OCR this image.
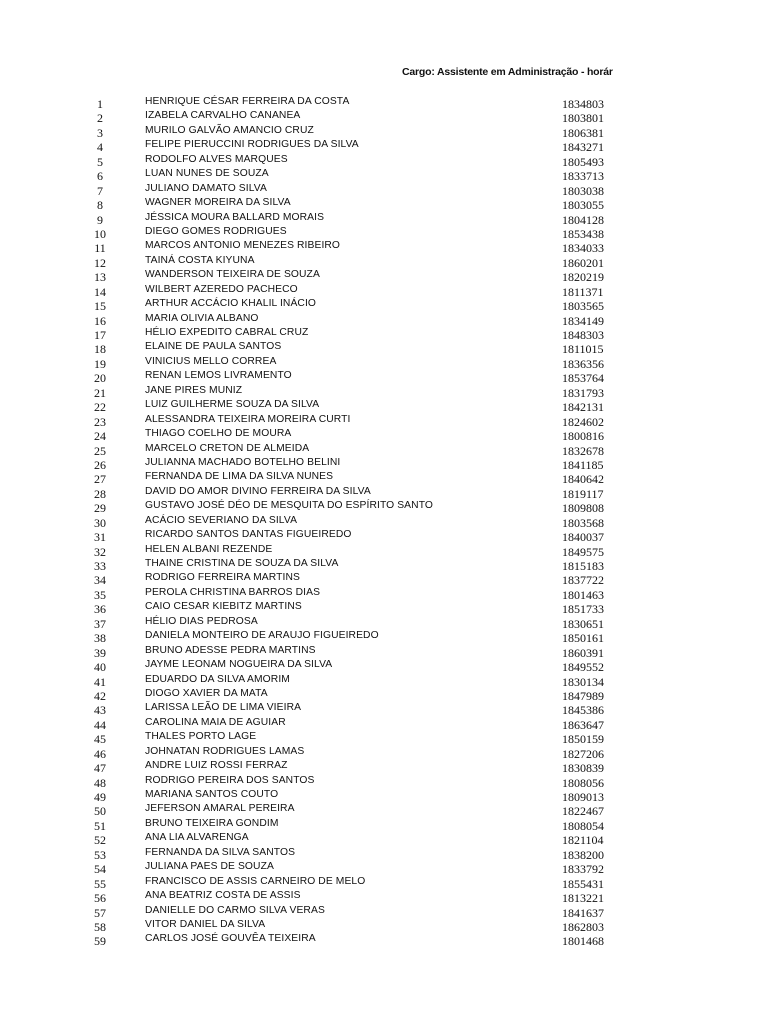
Cargo: Assistente em Administração - horár
1	HENRIQUE CÉSAR FERREIRA DA COSTA	1834803
2	IZABELA CARVALHO CANANEA	1803801
3	MURILO GALVÃO AMANCIO CRUZ	1806381
4	FELIPE PIERUCCINI RODRIGUES DA SILVA	1843271
5	RODOLFO ALVES MARQUES	1805493
6	LUAN NUNES DE SOUZA	1833713
7	JULIANO DAMATO SILVA	1803038
8	WAGNER MOREIRA DA SILVA	1803055
9	JÉSSICA MOURA BALLARD MORAIS	1804128
10	DIEGO GOMES RODRIGUES	1853438
11	MARCOS ANTONIO MENEZES RIBEIRO	1834033
12	TAINÁ COSTA KIYUNA	1860201
13	WANDERSON TEIXEIRA DE SOUZA	1820219
14	WILBERT AZEREDO PACHECO	1811371
15	ARTHUR ACCÁCIO KHALIL INÁCIO	1803565
16	MARIA OLIVIA ALBANO	1834149
17	HÉLIO EXPEDITO CABRAL CRUZ	1848303
18	ELAINE DE PAULA SANTOS	1811015
19	VINICIUS MELLO CORREA	1836356
20	RENAN LEMOS LIVRAMENTO	1853764
21	JANE PIRES MUNIZ	1831793
22	LUIZ GUILHERME SOUZA DA SILVA	1842131
23	ALESSANDRA TEIXEIRA MOREIRA CURTI	1824602
24	THIAGO COELHO DE MOURA	1800816
25	MARCELO CRETON DE ALMEIDA	1832678
26	JULIANNA MACHADO BOTELHO BELINI	1841185
27	FERNANDA DE LIMA DA SILVA NUNES	1840642
28	DAVID DO AMOR DIVINO FERREIRA DA SILVA	1819117
29	GUSTAVO JOSÉ DÉO DE MESQUITA DO ESPÍRITO SANTO	1809808
30	ACÁCIO SEVERIANO DA SILVA	1803568
31	RICARDO SANTOS DANTAS FIGUEIREDO	1840037
32	HELEN ALBANI REZENDE	1849575
33	THAINE CRISTINA DE SOUZA DA SILVA	1815183
34	RODRIGO FERREIRA MARTINS	1837722
35	PEROLA CHRISTINA BARROS DIAS	1801463
36	CAIO CESAR KIEBITZ MARTINS	1851733
37	HÉLIO DIAS PEDROSA	1830651
38	DANIELA MONTEIRO DE ARAUJO FIGUEIREDO	1850161
39	BRUNO ADESSE PEDRA MARTINS	1860391
40	JAYME LEONAM NOGUEIRA DA SILVA	1849552
41	EDUARDO DA SILVA AMORIM	1830134
42	DIOGO XAVIER DA MATA	1847989
43	LARISSA LEÃO DE LIMA VIEIRA	1845386
44	CAROLINA MAIA DE AGUIAR	1863647
45	THALES PORTO LAGE	1850159
46	JOHNATAN RODRIGUES LAMAS	1827206
47	ANDRE LUIZ ROSSI FERRAZ	1830839
48	RODRIGO PEREIRA DOS SANTOS	1808056
49	MARIANA SANTOS COUTO	1809013
50	JEFERSON AMARAL PEREIRA	1822467
51	BRUNO TEIXEIRA GONDIM	1808054
52	ANA LIA ALVARENGA	1821104
53	FERNANDA DA SILVA SANTOS	1838200
54	JULIANA PAES DE SOUZA	1833792
55	FRANCISCO DE ASSIS CARNEIRO DE MELO	1855431
56	ANA BEATRIZ COSTA DE ASSIS	1813221
57	DANIELLE DO CARMO SILVA VERAS	1841637
58	VITOR DANIEL DA SILVA	1862803
59	CARLOS JOSÉ GOUVÊA TEIXEIRA	1801468
